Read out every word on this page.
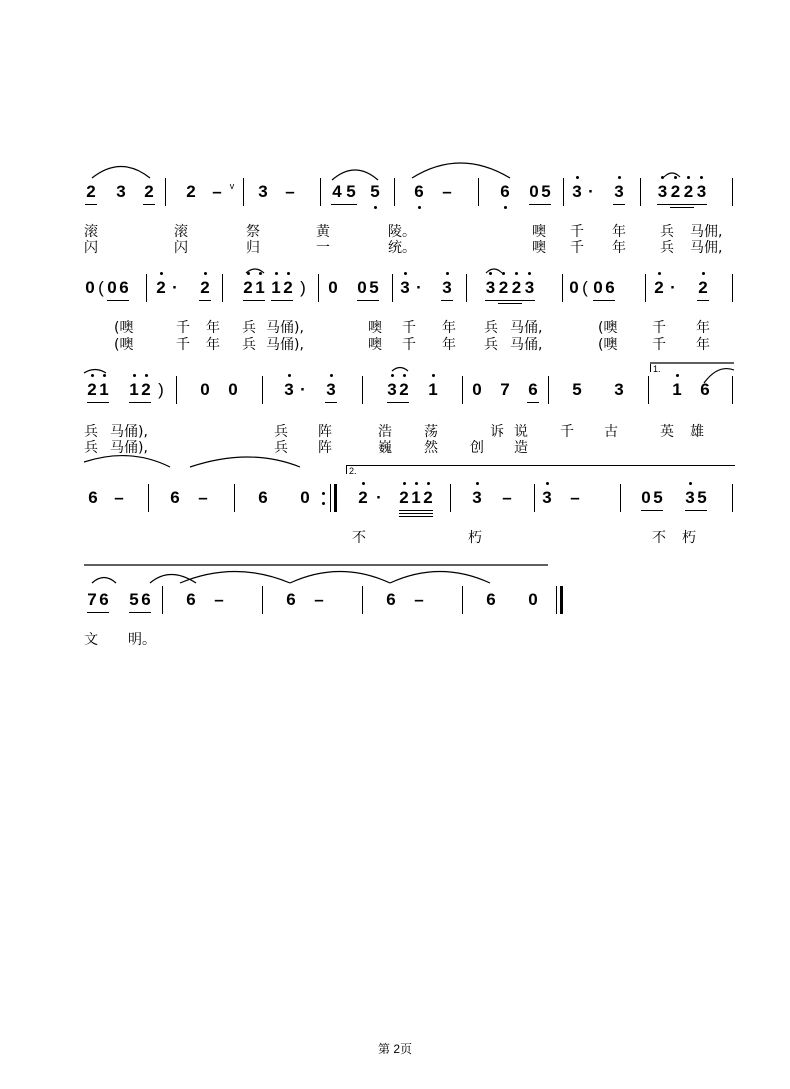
2 3 2 2 – v 3 – 4 5 5 6 –	6 0 5 3 · 3 3 2 2 3
滚	滚	祭	黄	陵。	噢 千 年 兵 马佣,
闪	闪	归	一	统。	噢 千 年 兵 马佣,
0 ( 0 6 2 · 2 2 1 1 2 ) 0 0 5 3 · 3 3 2 2 3 0 ( 0 6 2 · 2
(噢	千 年 兵 马俑),	噢 千 年 兵 马俑,	(噢 千 年
(噢	千 年 兵 马俑),	噢 千 年 兵 马俑,	(噢 千 年
2 1 1 2 ) 0 0	3 · 3	3 2 1 0 7 6 5 3
1.
1 6
兵 马俑),	兵 阵	浩 荡	诉 说 千 古	英 雄
兵 马俑),	兵 阵	巍 然 创 造
6 –	6 –	6 0
2.
2 · 2 1 2 3 – 3 –	0 5 3 5
不	朽	不 朽
7 6 5 6 6 –	6 –	6 –	6 0
文 明。
第 2页
